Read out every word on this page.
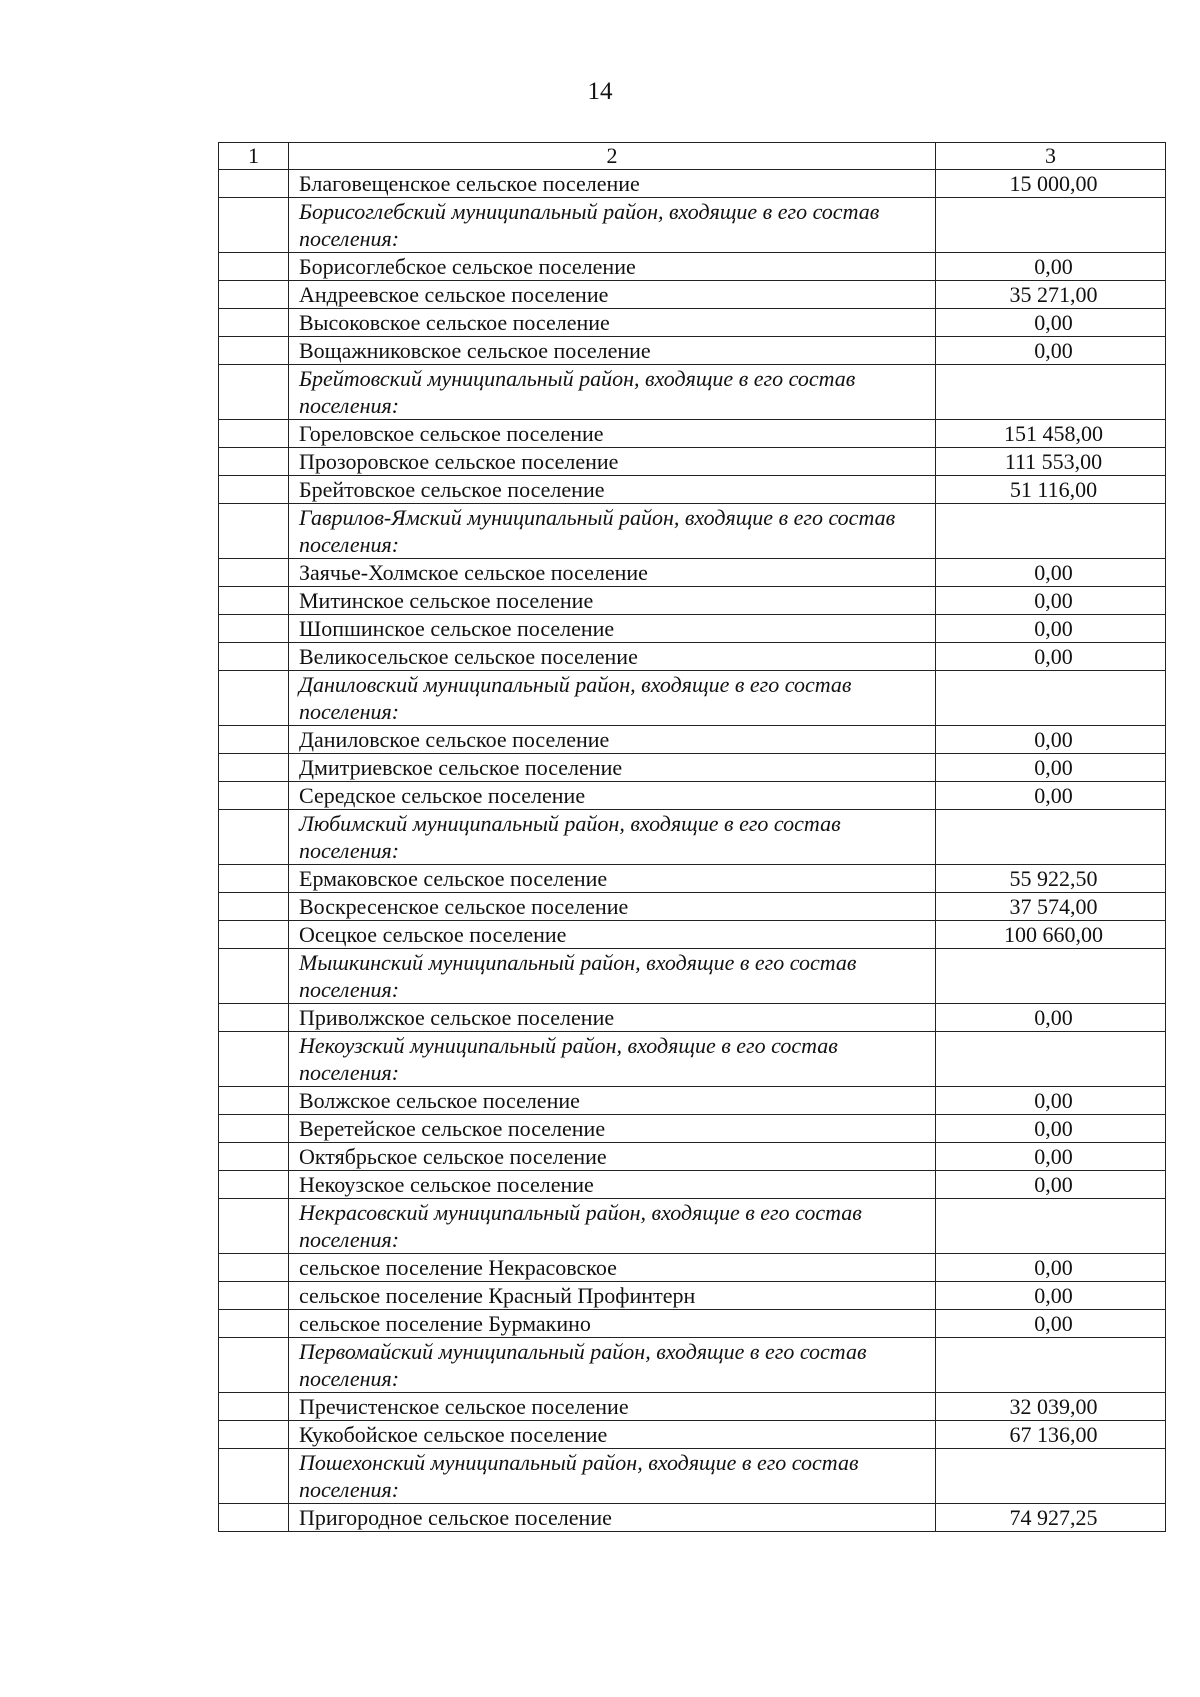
14
1	2	3
	Благовещенское сельское поселение	15 000,00
	Борисоглебский муниципальный район, входящие в его состав поселения:	
	Борисоглебское сельское поселение	0,00
	Андреевское сельское поселение	35 271,00
	Высоковское сельское поселение	0,00
	Вощажниковское сельское поселение	0,00
	Брейтовский муниципальный район, входящие в его состав поселения:	
	Гореловское сельское поселение	151 458,00
	Прозоровское сельское поселение	111 553,00
	Брейтовское сельское поселение	51 116,00
	Гаврилов-Ямский муниципальный район, входящие в его состав поселения:	
	Заячье-Холмское сельское поселение	0,00
	Митинское сельское поселение	0,00
	Шопшинское сельское поселение	0,00
	Великосельское сельское поселение	0,00
	Даниловский муниципальный район, входящие в его состав поселения:	
	Даниловское сельское поселение	0,00
	Дмитриевское сельское поселение	0,00
	Середское сельское поселение	0,00
	Любимский муниципальный район, входящие в его состав поселения:	
	Ермаковское сельское поселение	55 922,50
	Воскресенское сельское поселение	37 574,00
	Осецкое сельское поселение	100 660,00
	Мышкинский муниципальный район, входящие в его состав поселения:	
	Приволжское сельское поселение	0,00
	Некоузский муниципальный район, входящие в его состав поселения:	
	Волжское сельское поселение	0,00
	Веретейское сельское поселение	0,00
	Октябрьское сельское поселение	0,00
	Некоузское сельское поселение	0,00
	Некрасовский муниципальный район, входящие в его состав поселения:	
	сельское поселение Некрасовское	0,00
	сельское поселение Красный Профинтерн	0,00
	сельское поселение Бурмакино	0,00
	Первомайский муниципальный район, входящие в его состав поселения:	
	Пречистенское сельское поселение	32 039,00
	Кукобойское сельское поселение	67 136,00
	Пошехонский муниципальный район, входящие в его состав поселения:	
	Пригородное сельское поселение	74 927,25
